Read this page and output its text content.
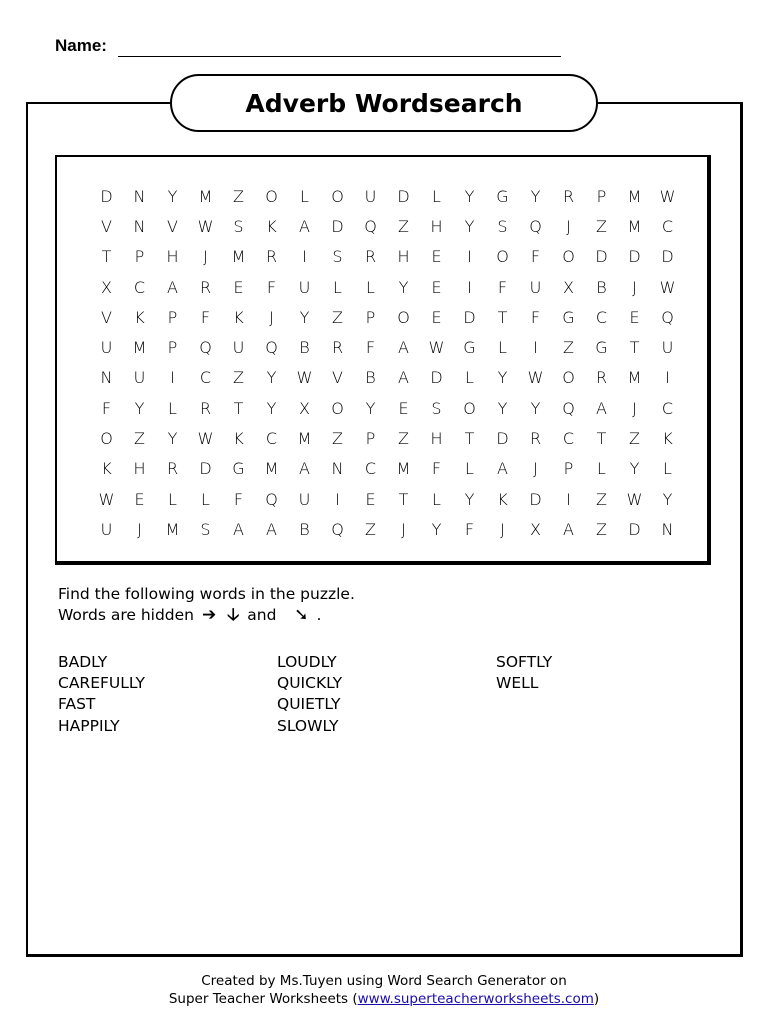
Name:
Adverb Wordsearch
D	N	Y	M	Z	O	L	O	U	D	L	Y	G	Y	R	P	M	W
V	N	V	W	S	K	A	D	Q	Z	H	Y	S	Q	J	Z	M	C
T	P	H	J	M	R	I	S	R	H	E	I	O	F	O	D	D	D
X	C	A	R	E	F	U	L	L	Y	E	I	F	U	X	B	J	W
V	K	P	F	K	J	Y	Z	P	O	E	D	T	F	G	C	E	Q
U	M	P	Q	U	Q	B	R	F	A	W	G	L	I	Z	G	T	U
N	U	I	C	Z	Y	W	V	B	A	D	L	Y	W	O	R	M	I
F	Y	L	R	T	Y	X	O	Y	E	S	O	Y	Y	Q	A	J	C
O	Z	Y	W	K	C	M	Z	P	Z	H	T	D	R	C	T	Z	K
K	H	R	D	G	M	A	N	C	M	F	L	A	J	P	L	Y	L
W	E	L	L	F	Q	U	I	E	T	L	Y	K	D	I	Z	W	Y
U	J	M	S	A	A	B	Q	Z	J	Y	F	J	X	A	Z	D	N
Find the following words in the puzzle.
Words are hidden ➔ 🡣 and ➘ .
BADLY
CAREFULLY
FAST
HAPPILY
LOUDLY
QUICKLY
QUIETLY
SLOWLY
SOFTLY
WELL
Created by Ms.Tuyen using Word Search Generator on
Super Teacher Worksheets (www.superteacherworksheets.com)
